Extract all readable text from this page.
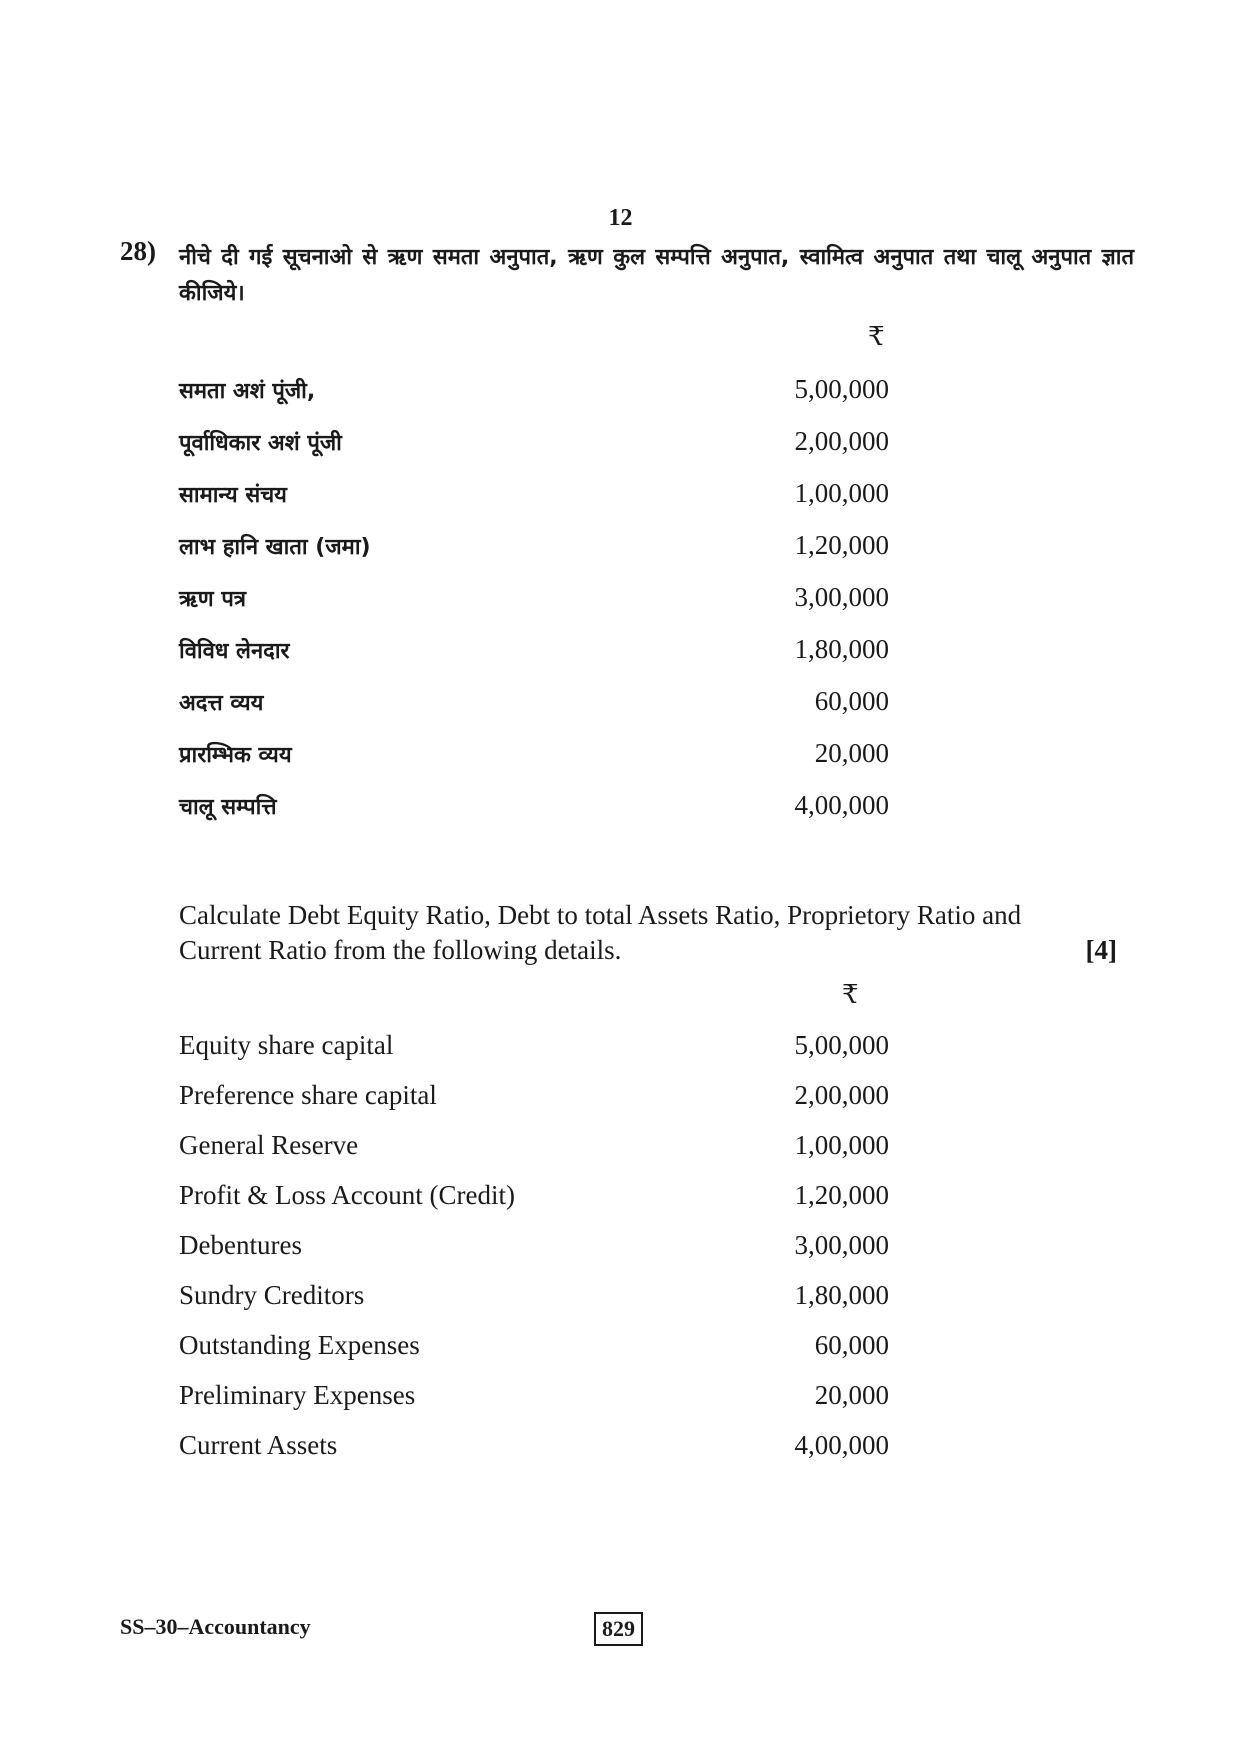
12
28) नीचे दी गई सूचनाओ से ऋण समता अनुपात, ऋण कुल सम्पत्ति अनुपात, स्वामित्व अनुपात तथा चालू अनुपात ज्ञात कीजिये।
₹
समता अशं पूंजी,	5,00,000
पूर्वाधिकार अशं पूंजी	2,00,000
सामान्य संचय	1,00,000
लाभ हानि खाता (जमा)	1,20,000
ऋण पत्र	3,00,000
विविध लेनदार	1,80,000
अदत्त व्यय	60,000
प्रारम्भिक व्यय	20,000
चालू सम्पत्ति	4,00,000
Calculate Debt Equity Ratio, Debt to total Assets Ratio, Proprietory Ratio and
Current Ratio from the following details.	[4]
₹
Equity share capital	5,00,000
Preference share capital	2,00,000
General Reserve	1,00,000
Profit & Loss Account (Credit)	1,20,000
Debentures	3,00,000
Sundry Creditors	1,80,000
Outstanding Expenses	60,000
Preliminary Expenses	20,000
Current Assets	4,00,000
SS–30–Accountancy	829
